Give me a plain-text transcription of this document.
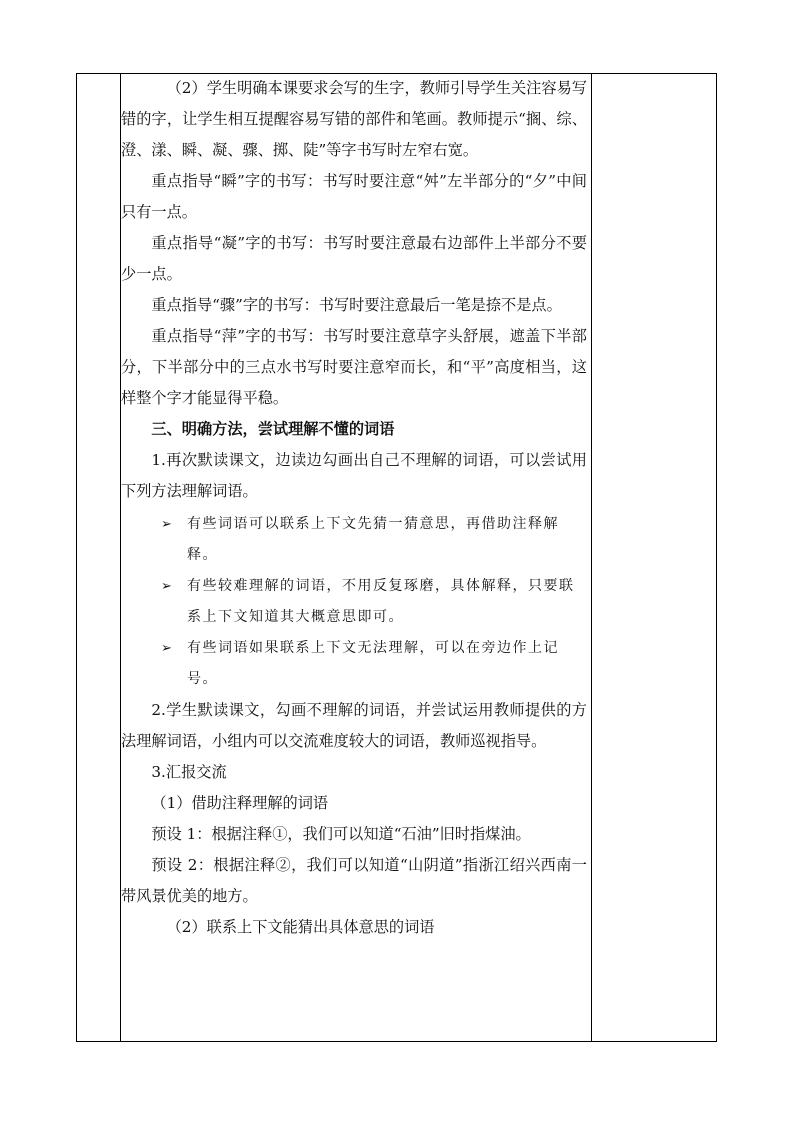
（2）学生明确本课要求会写的生字，教师引导学生关注容易写错的字，让学生相互提醒容易写错的部件和笔画。教师提示“搁、综、澄、漾、瞬、凝、骤、掷、陡”等字书写时左窄右宽。

重点指导“瞬”字的书写：书写时要注意“舛”左半部分的“夕”中间只有一点。

重点指导“凝”字的书写：书写时要注意最右边部件上半部分不要少一点。

重点指导“骤”字的书写：书写时要注意最后一笔是捺不是点。

重点指导“萍”字的书写：书写时要注意草字头舒展，遮盖下半部分，下半部分中的三点水书写时要注意窄而长，和“平”高度相当，这样整个字才能显得平稳。

三、明确方法，尝试理解不懂的词语

1.再次默读课文，边读边勾画出自己不理解的词语，可以尝试用下列方法理解词语。

➢ 有些词语可以联系上下文先猜一猜意思，再借助注释解释。
➢ 有些较难理解的词语，不用反复琢磨，具体解释，只要联系上下文知道其大概意思即可。
➢ 有些词语如果联系上下文无法理解，可以在旁边作上记号。

2.学生默读课文，勾画不理解的词语，并尝试运用教师提供的方法理解词语，小组内可以交流难度较大的词语，教师巡视指导。

3.汇报交流

（1）借助注释理解的词语

预设 1：根据注释①，我们可以知道“石油”旧时指煤油。

预设 2：根据注释②，我们可以知道“山阴道”指浙江绍兴西南一带风景优美的地方。

（2）联系上下文能猜出具体意思的词语
